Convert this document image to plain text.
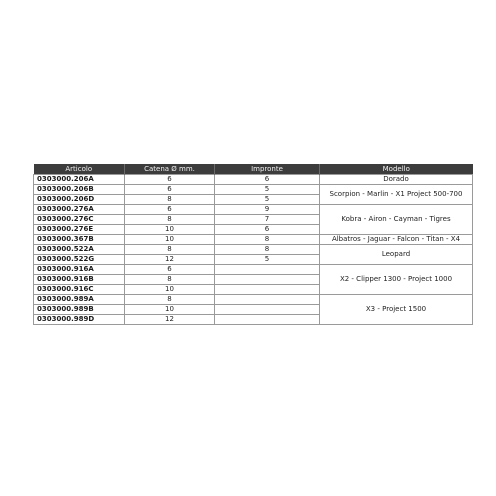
Articolo	Catena Ø mm.	Impronte	Modello
0303000.206A	6	6	Dorado
0303000.206B	6	5	Scorpion - Marlin - X1 Project 500-700
0303000.206D	8	5	
0303000.276A	6	9	Kobra - Airon - Cayman - Tigres
0303000.276C	8	7	
0303000.276E	10	6	
0303000.367B	10	8	Albatros - Jaguar - Falcon - Titan - X4
0303000.522A	8	8	Leopard
0303000.522G	12	5	
0303000.916A	6		X2 - Clipper 1300 - Project 1000
0303000.916B	8		
0303000.916C	10		
0303000.989A	8		X3 - Project 1500
0303000.989B	10		
0303000.989D	12		
